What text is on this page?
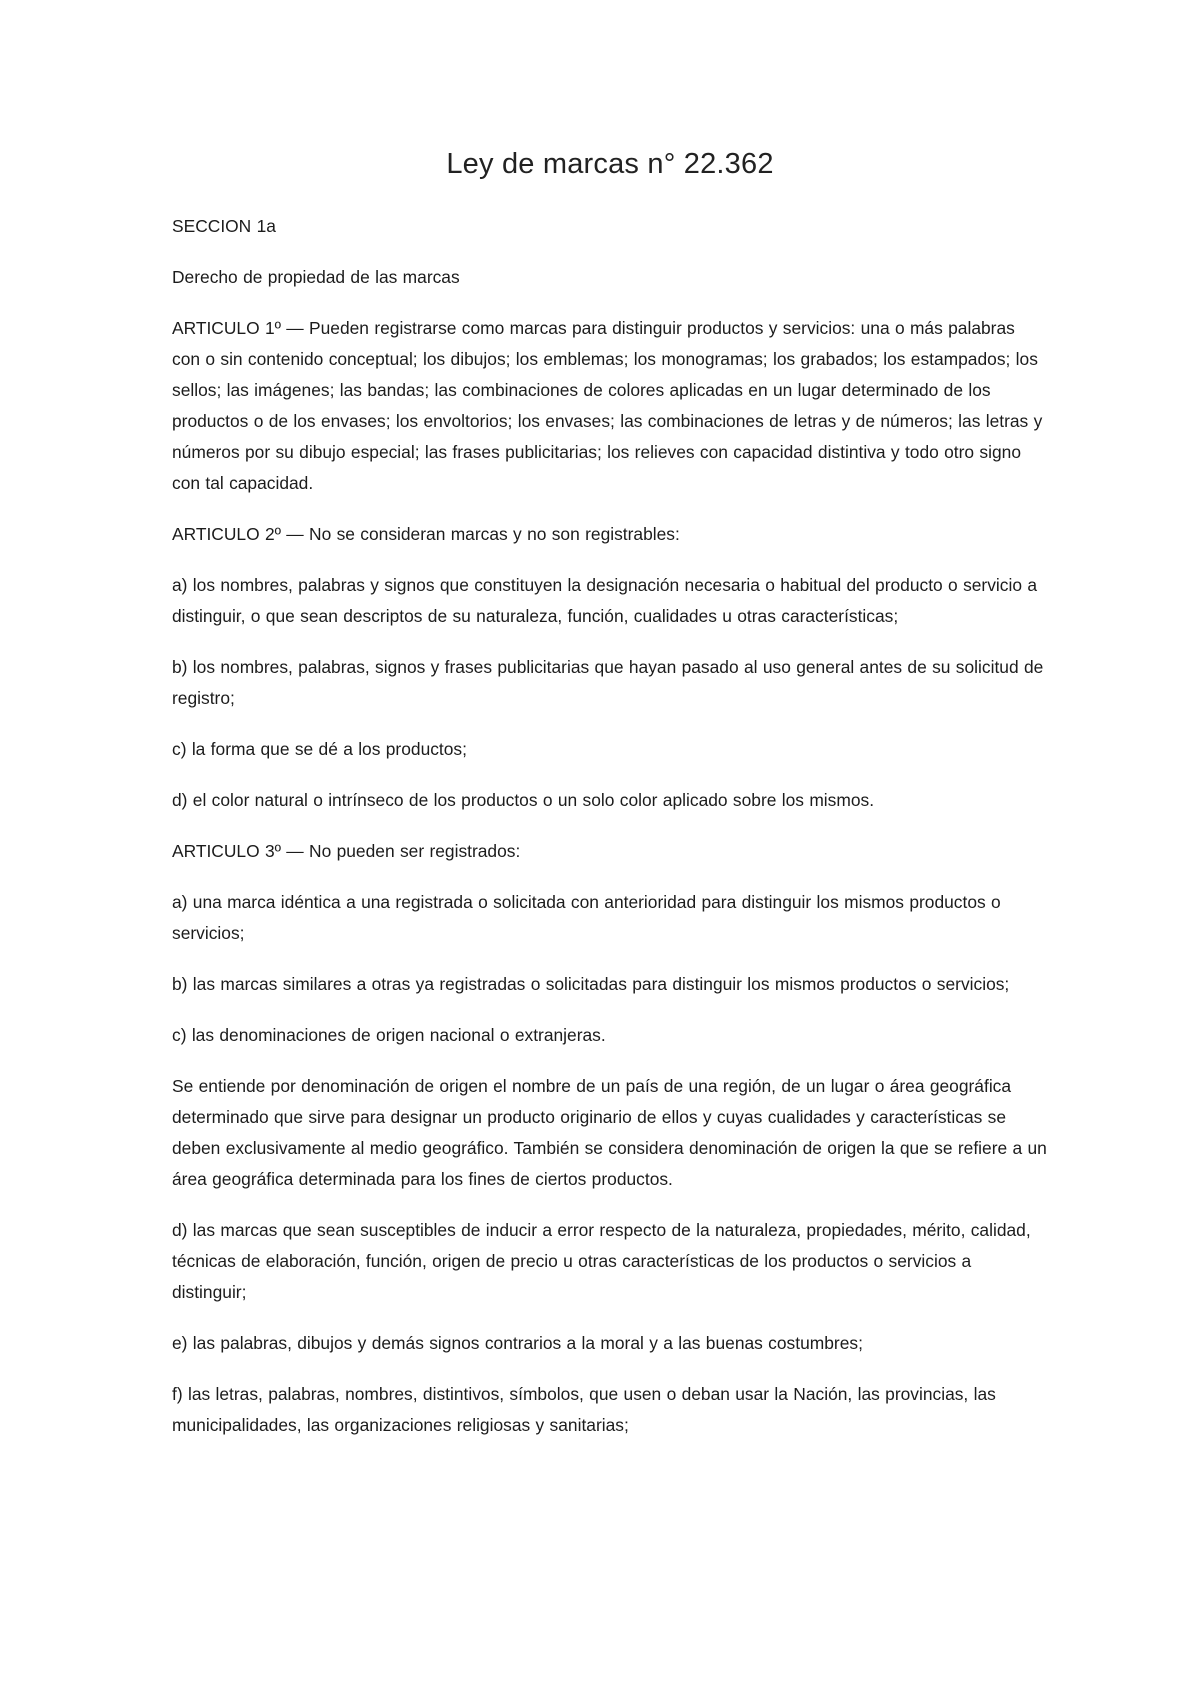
Ley de marcas n° 22.362

SECCION 1a

Derecho de propiedad de las marcas

ARTICULO 1º — Pueden registrarse como marcas para distinguir productos y servicios: una o más palabras con o sin contenido conceptual; los dibujos; los emblemas; los monogramas; los grabados; los estampados; los sellos; las imágenes; las bandas; las combinaciones de colores aplicadas en un lugar determinado de los productos o de los envases; los envoltorios; los envases; las combinaciones de letras y de números; las letras y números por su dibujo especial; las frases publicitarias; los relieves con capacidad distintiva y todo otro signo con tal capacidad.

ARTICULO 2º — No se consideran marcas y no son registrables:

a) los nombres, palabras y signos que constituyen la designación necesaria o habitual del producto o servicio a distinguir, o que sean descriptos de su naturaleza, función, cualidades u otras características;

b) los nombres, palabras, signos y frases publicitarias que hayan pasado al uso general antes de su solicitud de registro;

c) la forma que se dé a los productos;

d) el color natural o intrínseco de los productos o un solo color aplicado sobre los mismos.

ARTICULO 3º — No pueden ser registrados:

a) una marca idéntica a una registrada o solicitada con anterioridad para distinguir los mismos productos o servicios;

b) las marcas similares a otras ya registradas o solicitadas para distinguir los mismos productos o servicios;

c) las denominaciones de origen nacional o extranjeras.

Se entiende por denominación de origen el nombre de un país de una región, de un lugar o área geográfica determinado que sirve para designar un producto originario de ellos y cuyas cualidades y características se deben exclusivamente al medio geográfico. También se considera denominación de origen la que se refiere a un área geográfica determinada para los fines de ciertos productos.

d) las marcas que sean susceptibles de inducir a error respecto de la naturaleza, propiedades, mérito, calidad, técnicas de elaboración, función, origen de precio u otras características de los productos o servicios a distinguir;

e) las palabras, dibujos y demás signos contrarios a la moral y a las buenas costumbres;

f) las letras, palabras, nombres, distintivos, símbolos, que usen o deban usar la Nación, las provincias, las municipalidades, las organizaciones religiosas y sanitarias;
